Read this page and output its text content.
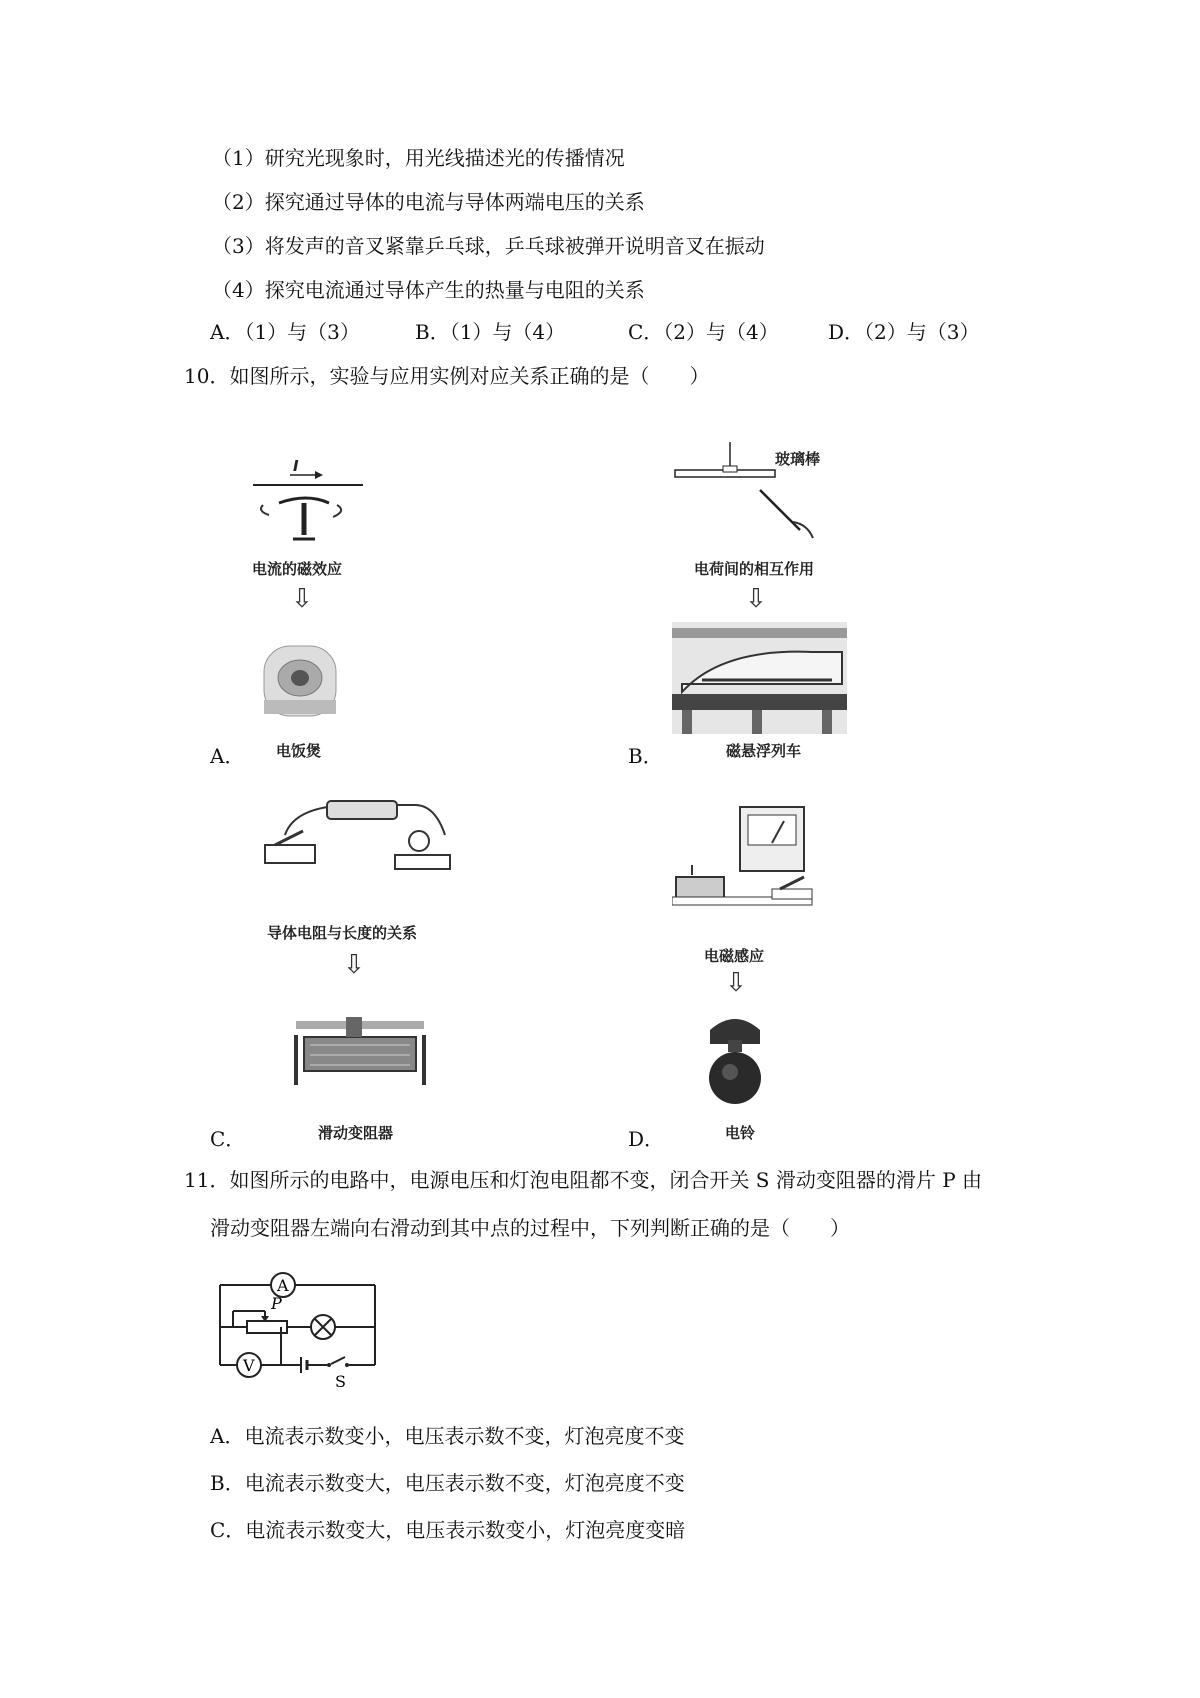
（1）研究光现象时，用光线描述光的传播情况
（2）探究通过导体的电流与导体两端电压的关系
（3）将发声的音叉紧靠乒乓球，乒乓球被弹开说明音叉在振动
（4）探究电流通过导体产生的热量与电阻的关系
A．（1）与（3）	B．（1）与（4）	C．（2）与（4） D．（2）与（3）
10．如图所示，实验与应用实例对应关系正确的是（　　）
I
电流的磁效应
⇩
A． 电饭煲
玻璃棒
电荷间的相互作用
⇩
B．	磁悬浮列车
导体电阻与长度的关系
⇩
C．	滑动变阻器
电磁感应
⇩
D．	电铃
11．如图所示的电路中，电源电压和灯泡电阻都不变，闭合开关 S 滑动变阻器的滑片 P 由
滑动变阻器左端向右滑动到其中点的过程中，下列判断正确的是（　　）
A
V
P
S
A．电流表示数变小，电压表示数不变，灯泡亮度不变
B．电流表示数变大，电压表示数不变，灯泡亮度不变
C．电流表示数变大，电压表示数变小，灯泡亮度变暗
